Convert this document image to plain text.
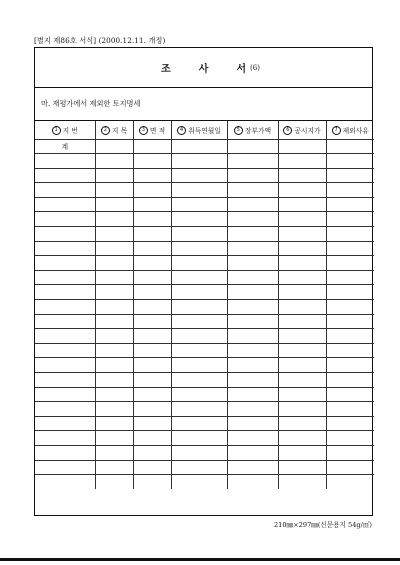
[별지 제86호 서식] (2000.12.11. 개정)
조	사	서 (6)
마. 재평가에서 제외한 토지명세
1 지 번	2 지 목	3 면 적	4 취득연월일	5 장부가액	6 공시지가	7 제외사유
계						

210㎜×297㎜(신문용지 54g/㎡)
